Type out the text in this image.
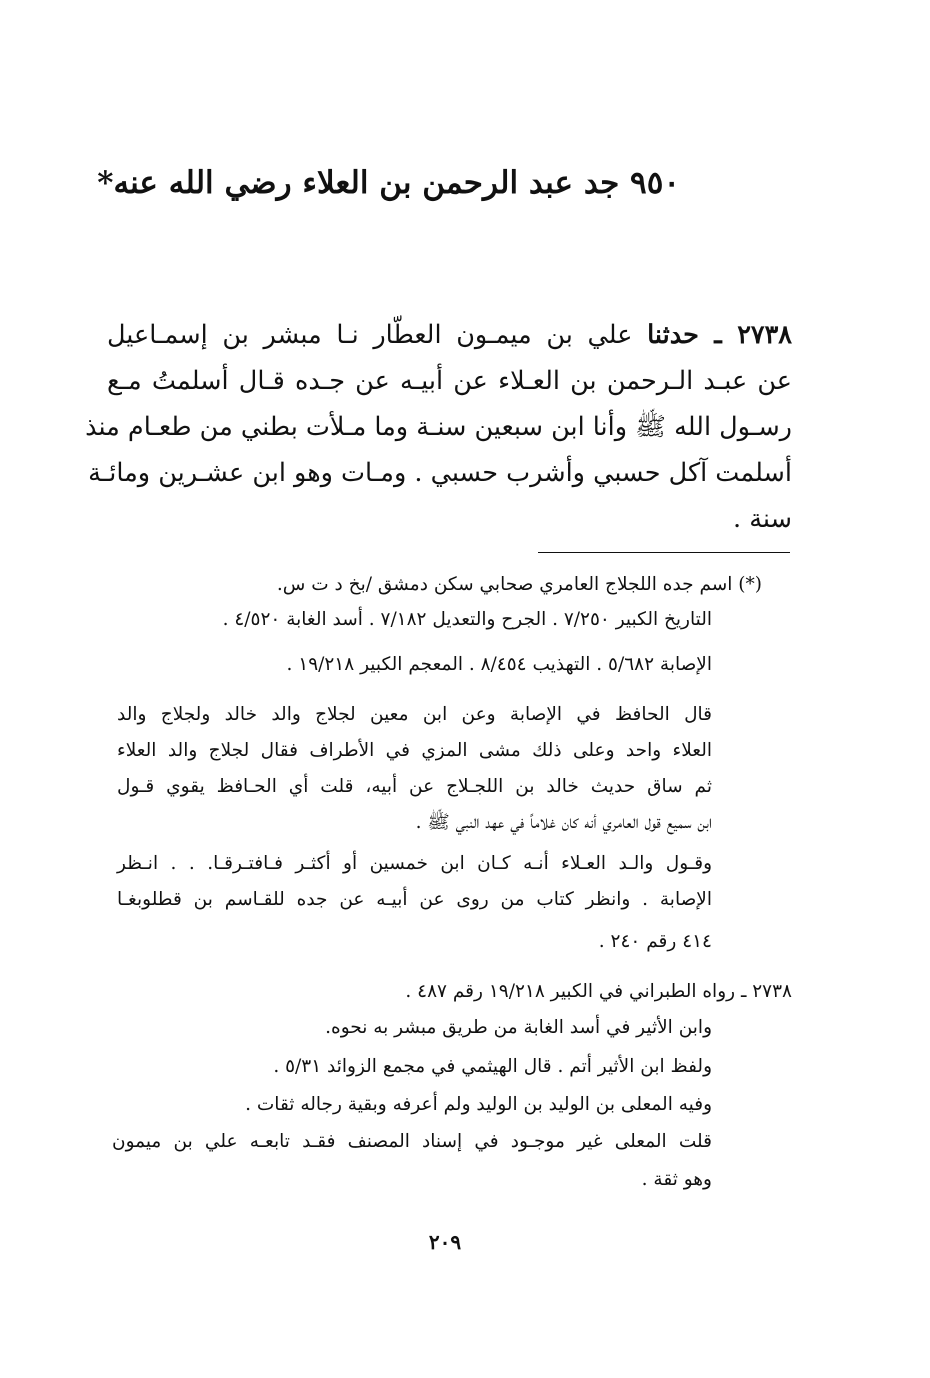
٩٥٠ جد عبد الرحمن بن العلاء رضي الله عنه*
٢٧٣٨ ـ حدثنا علي بن ميمـون العطّار نـا مبشر بن إسمـاعيل
عن عبـد الـرحمن بن العـلاء عن أبيـه عن جـده قـال أسلمتُ مـع
رسـول الله ﷺ وأنا ابن سبعين سنـة وما مـلأت بطني من طعـام منذ
أسلمت آكل حسبي وأشرب حسبي . ومـات وهو ابن عشـرين ومائـة
سنة .
(*) اسم جده اللجلاج العامري صحابي سكن دمشق /بخ د ت س.
التاريخ الكبير ٧/٢٥٠ . الجرح والتعديل ٧/١٨٢ . أسد الغابة ٤/٥٢٠ .
الإصابة ٥/٦٨٢ . التهذيب ٨/٤٥٤ . المعجم الكبير ١٩/٢١٨ .
قال الحافظ في الإصابة وعن ابن معين لجلاج والد خالد ولجلاج والد
العلاء واحد وعلى ذلك مشى المزي في الأطراف فقال لجلاج والد العلاء
ثم ساق حديث خالد بن اللجـلاج عن أبيه، قلت أي الحـافظ يقوي قـول
ابن سميع قول العامري أنه كان غلاماً في عهد النبي ﷺ .
وقـول والـد العـلاء أنـه كـان ابن خمسين أو أكثـر فـافتـرقـا. . . انـظر
الإصابة . وانظر كتاب من روى عن أبيـه عن جده للقـاسم بن قطلوبغـا
٤١٤ رقم ٢٤٠ .
٢٧٣٨ ـ رواه الطبراني في الكبير ١٩/٢١٨ رقم ٤٨٧ .
وابن الأثير في أسد الغابة من طريق مبشر به نحوه.
ولفظ ابن الأثير أتم . قال الهيثمي في مجمع الزوائد ٥/٣١ .
وفيه المعلى بن الوليد بن الوليد ولم أعرفه وبقية رجاله ثقات .
قلت المعلى غير موجـود في إسناد المصنف فقـد تابعـه علي بن ميمون
وهو ثقة .
٢٠٩
